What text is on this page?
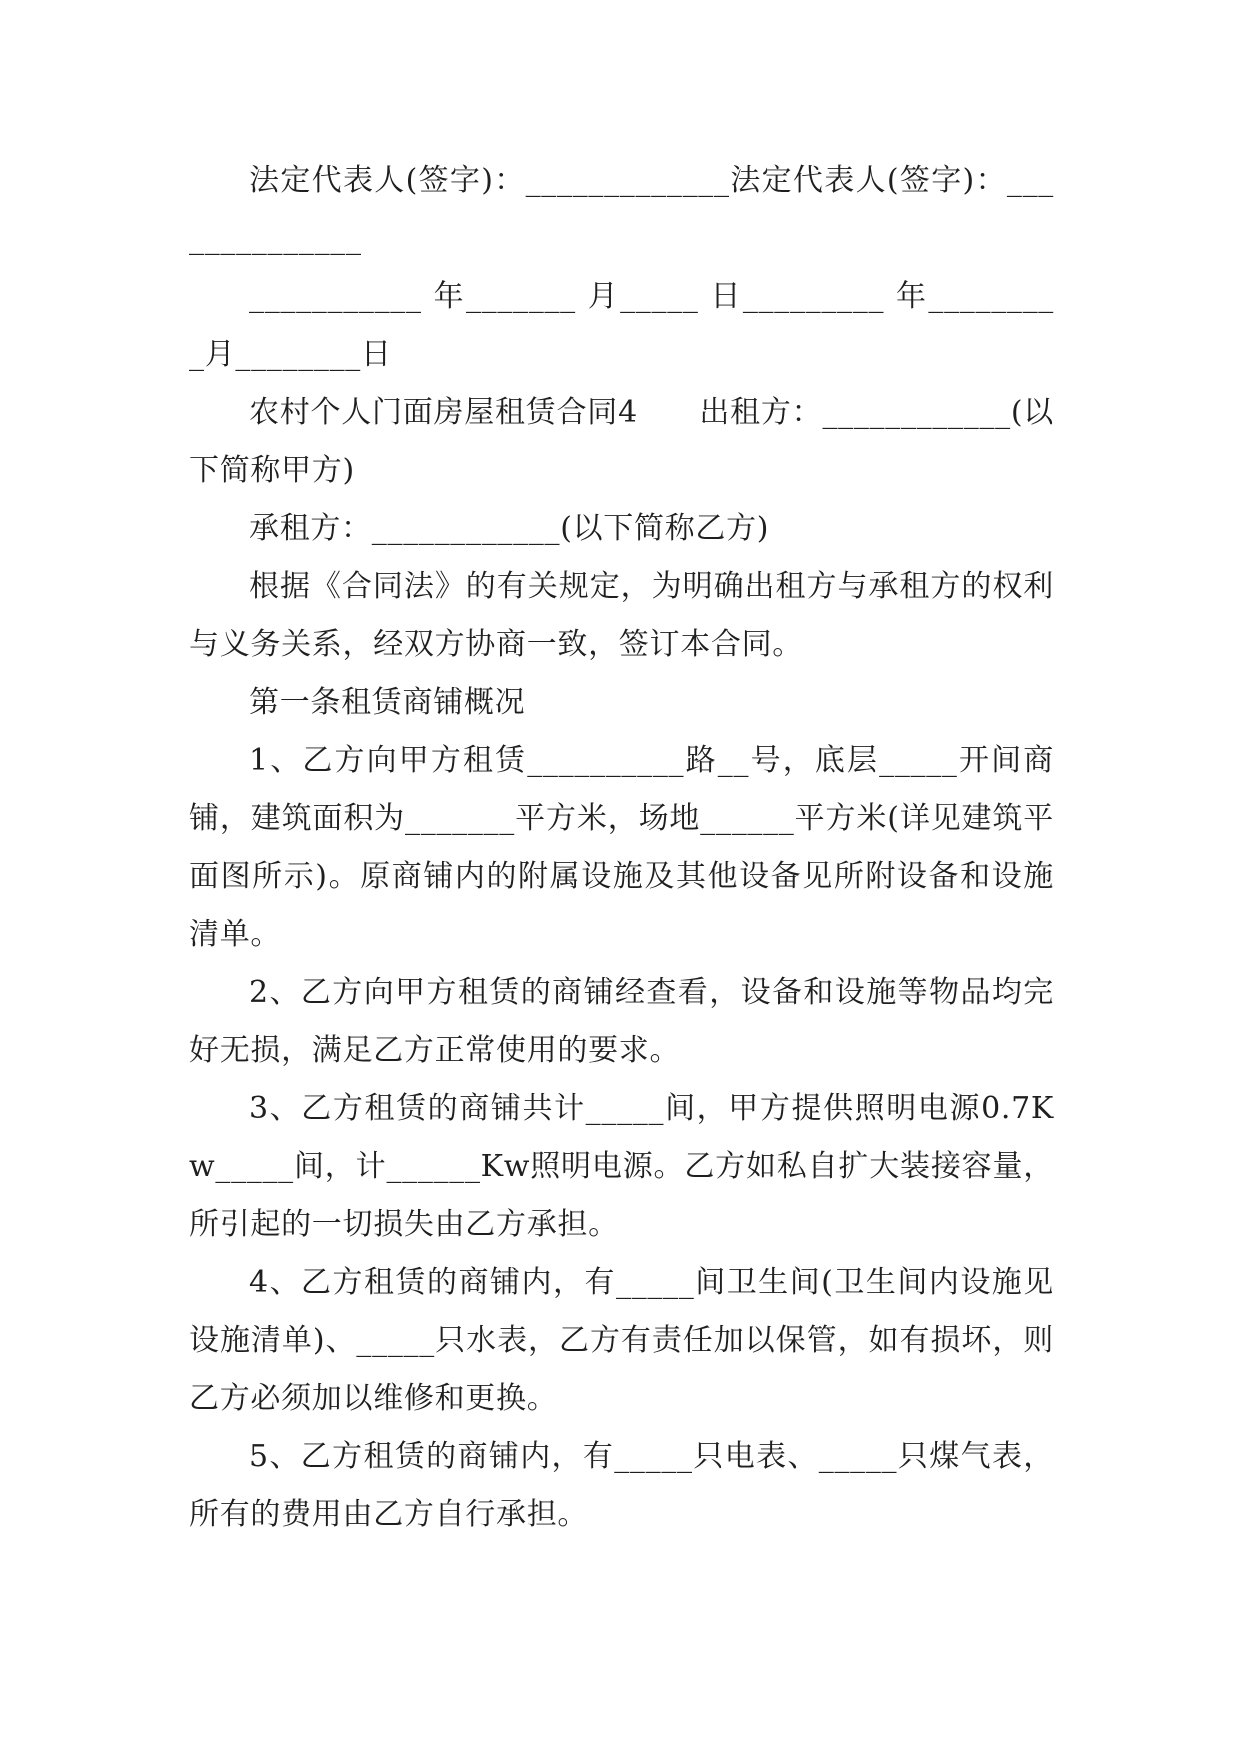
法定代表人(签字)：_____________法定代表人(签字)：______________

___________ 年_______ 月_____ 日_________ 年_________月________日

农村个人门面房屋租赁合同4　　出租方：____________(以下简称甲方)

承租方：____________(以下简称乙方)

根据《合同法》的有关规定，为明确出租方与承租方的权利与义务关系，经双方协商一致，签订本合同。

第一条租赁商铺概况

1、乙方向甲方租赁__________路__号，底层_____开间商铺，建筑面积为_______平方米，场地______平方米(详见建筑平面图所示)。原商铺内的附属设施及其他设备见所附设备和设施清单。

2、乙方向甲方租赁的商铺经查看，设备和设施等物品均完好无损，满足乙方正常使用的要求。

3、乙方租赁的商铺共计_____间，甲方提供照明电源0.7Kw_____间，计______Kw照明电源。乙方如私自扩大装接容量，所引起的一切损失由乙方承担。

4、乙方租赁的商铺内，有_____间卫生间(卫生间内设施见设施清单)、_____只水表，乙方有责任加以保管，如有损坏，则乙方必须加以维修和更换。

5、乙方租赁的商铺内，有_____只电表、_____只煤气表，所有的费用由乙方自行承担。
